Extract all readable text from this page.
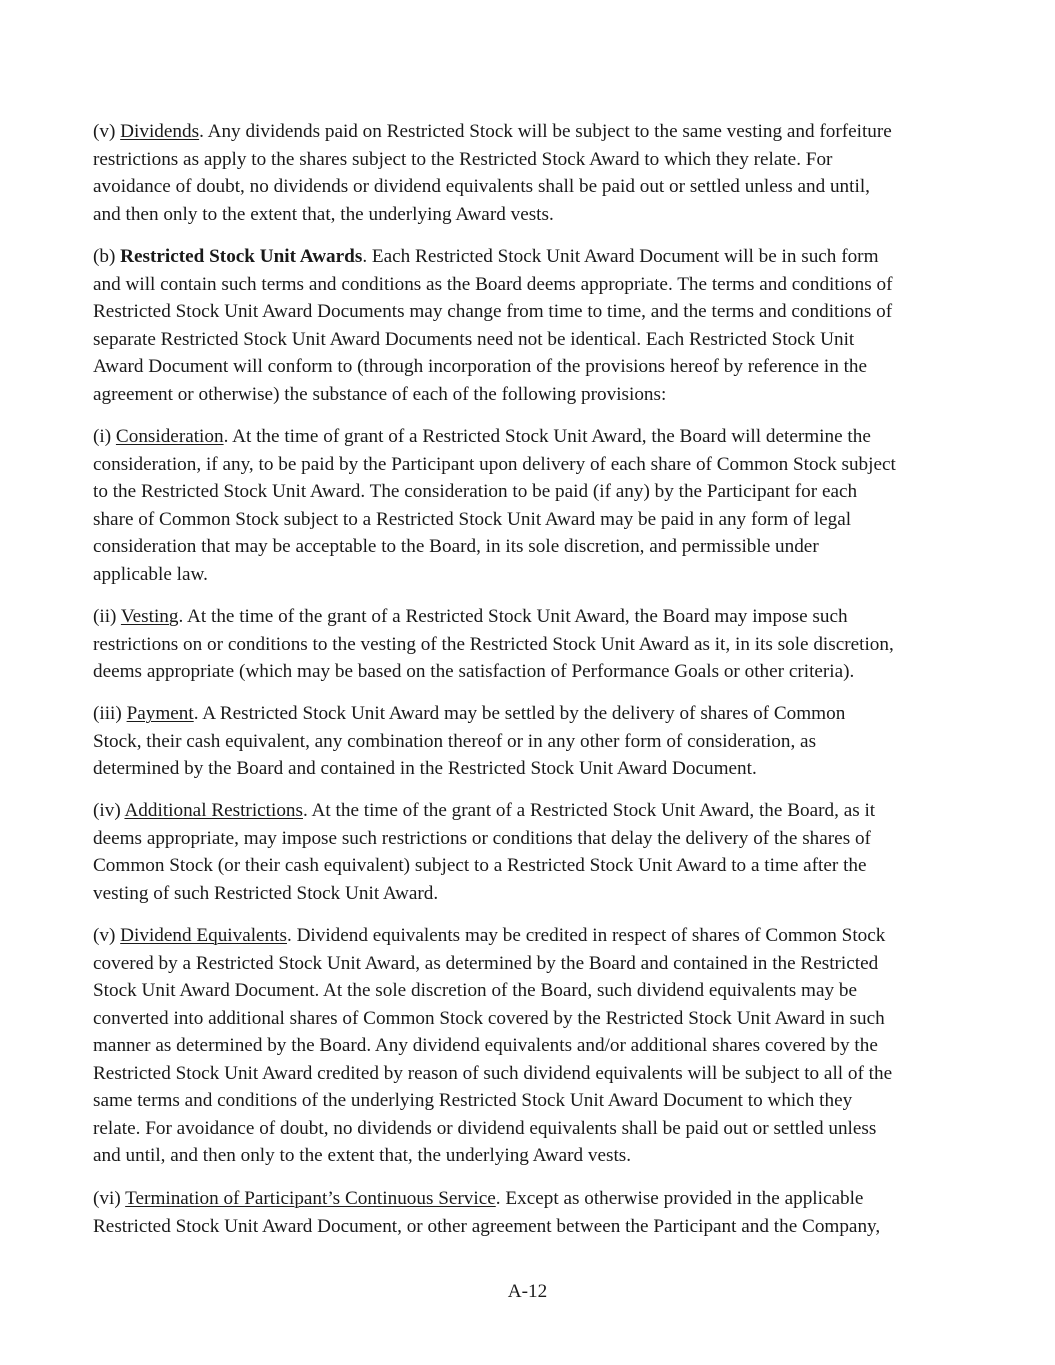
(v) Dividends. Any dividends paid on Restricted Stock will be subject to the same vesting and forfeiture
restrictions as apply to the shares subject to the Restricted Stock Award to which they relate. For
avoidance of doubt, no dividends or dividend equivalents shall be paid out or settled unless and until,
and then only to the extent that, the underlying Award vests.
(b) Restricted Stock Unit Awards. Each Restricted Stock Unit Award Document will be in such form
and will contain such terms and conditions as the Board deems appropriate. The terms and conditions of
Restricted Stock Unit Award Documents may change from time to time, and the terms and conditions of
separate Restricted Stock Unit Award Documents need not be identical. Each Restricted Stock Unit
Award Document will conform to (through incorporation of the provisions hereof by reference in the
agreement or otherwise) the substance of each of the following provisions:
(i) Consideration. At the time of grant of a Restricted Stock Unit Award, the Board will determine the
consideration, if any, to be paid by the Participant upon delivery of each share of Common Stock subject
to the Restricted Stock Unit Award. The consideration to be paid (if any) by the Participant for each
share of Common Stock subject to a Restricted Stock Unit Award may be paid in any form of legal
consideration that may be acceptable to the Board, in its sole discretion, and permissible under
applicable law.
(ii) Vesting. At the time of the grant of a Restricted Stock Unit Award, the Board may impose such
restrictions on or conditions to the vesting of the Restricted Stock Unit Award as it, in its sole discretion,
deems appropriate (which may be based on the satisfaction of Performance Goals or other criteria).
(iii) Payment. A Restricted Stock Unit Award may be settled by the delivery of shares of Common
Stock, their cash equivalent, any combination thereof or in any other form of consideration, as
determined by the Board and contained in the Restricted Stock Unit Award Document.
(iv) Additional Restrictions. At the time of the grant of a Restricted Stock Unit Award, the Board, as it
deems appropriate, may impose such restrictions or conditions that delay the delivery of the shares of
Common Stock (or their cash equivalent) subject to a Restricted Stock Unit Award to a time after the
vesting of such Restricted Stock Unit Award.
(v) Dividend Equivalents. Dividend equivalents may be credited in respect of shares of Common Stock
covered by a Restricted Stock Unit Award, as determined by the Board and contained in the Restricted
Stock Unit Award Document. At the sole discretion of the Board, such dividend equivalents may be
converted into additional shares of Common Stock covered by the Restricted Stock Unit Award in such
manner as determined by the Board. Any dividend equivalents and/or additional shares covered by the
Restricted Stock Unit Award credited by reason of such dividend equivalents will be subject to all of the
same terms and conditions of the underlying Restricted Stock Unit Award Document to which they
relate. For avoidance of doubt, no dividends or dividend equivalents shall be paid out or settled unless
and until, and then only to the extent that, the underlying Award vests.
(vi) Termination of Participant’s Continuous Service. Except as otherwise provided in the applicable
Restricted Stock Unit Award Document, or other agreement between the Participant and the Company,
A-12
